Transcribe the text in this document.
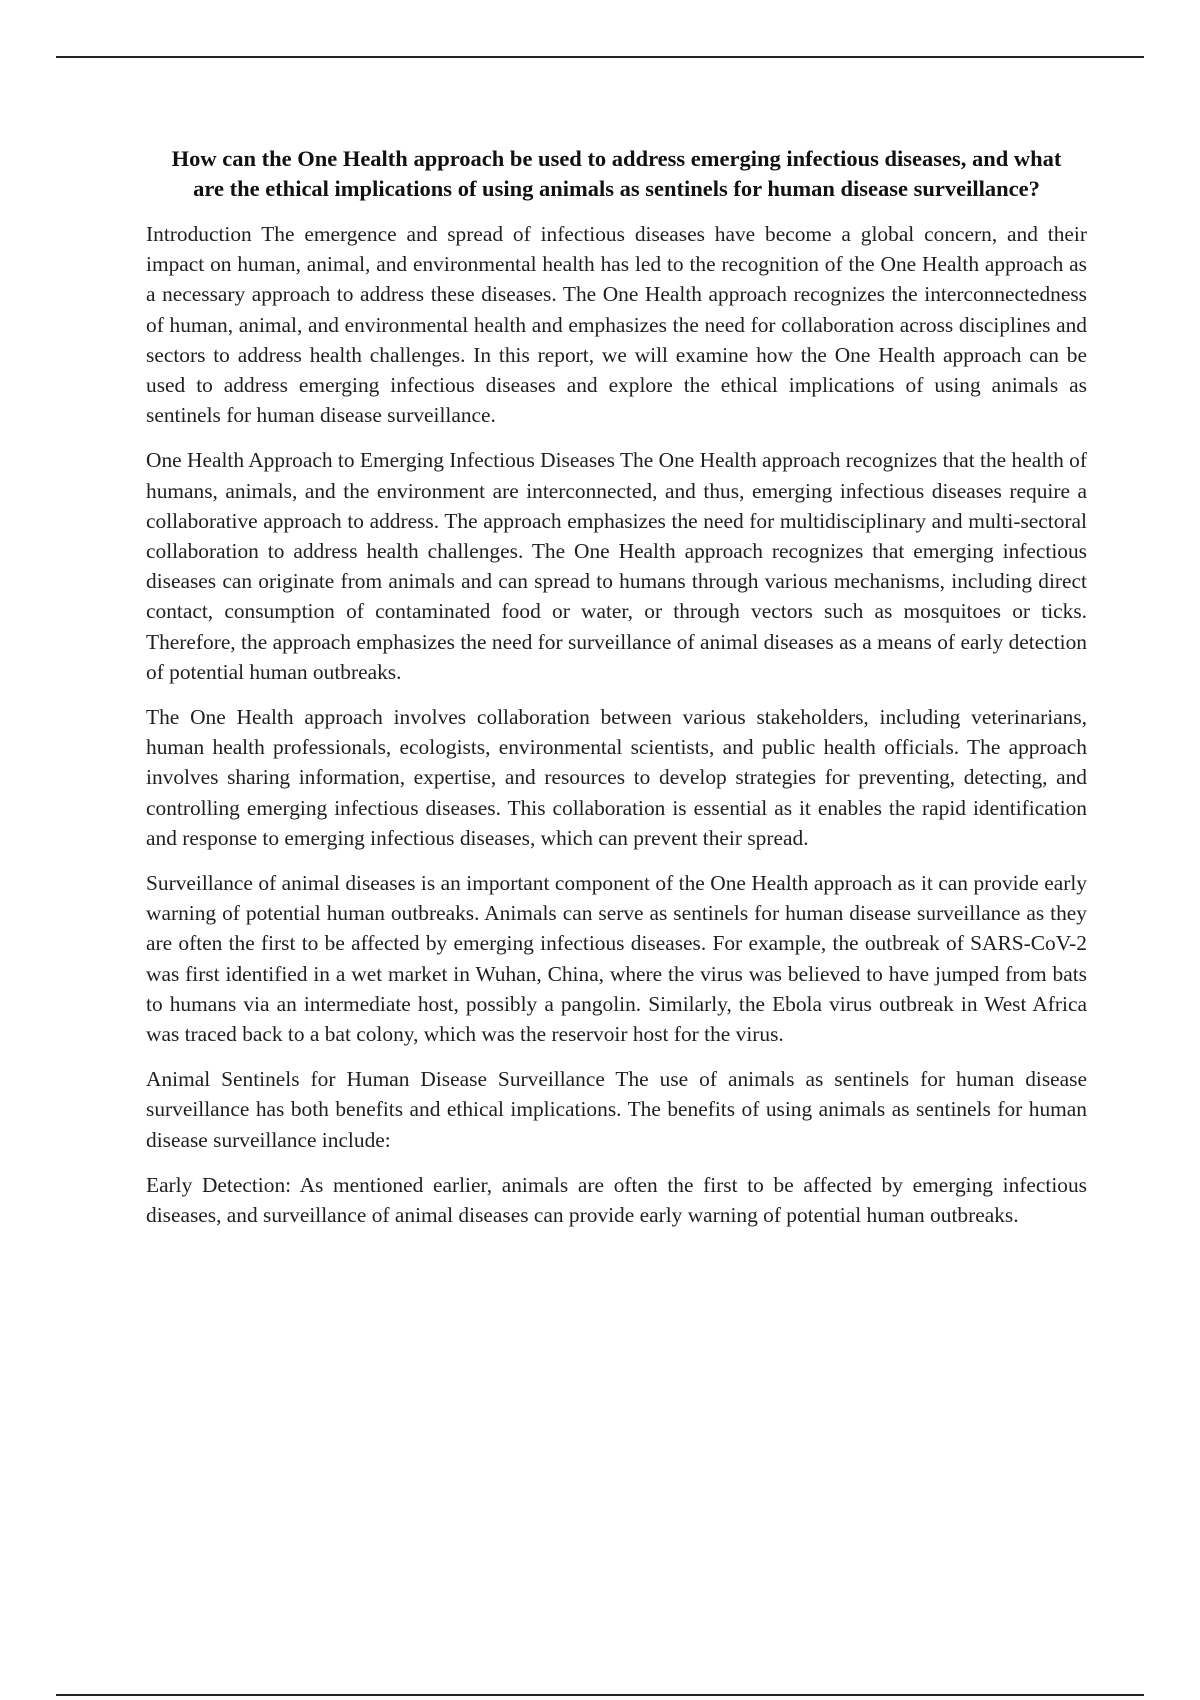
How can the One Health approach be used to address emerging infectious diseases, and what are the ethical implications of using animals as sentinels for human disease surveillance?

Introduction The emergence and spread of infectious diseases have become a global concern, and their impact on human, animal, and environmental health has led to the recognition of the One Health approach as a necessary approach to address these diseases. The One Health approach recognizes the interconnectedness of human, animal, and environmental health and emphasizes the need for collaboration across disciplines and sectors to address health challenges. In this report, we will examine how the One Health approach can be used to address emerging infectious diseases and explore the ethical implications of using animals as sentinels for human disease surveillance.

One Health Approach to Emerging Infectious Diseases The One Health approach recognizes that the health of humans, animals, and the environment are interconnected, and thus, emerging infectious diseases require a collaborative approach to address. The approach emphasizes the need for multidisciplinary and multi-sectoral collaboration to address health challenges. The One Health approach recognizes that emerging infectious diseases can originate from animals and can spread to humans through various mechanisms, including direct contact, consumption of contaminated food or water, or through vectors such as mosquitoes or ticks. Therefore, the approach emphasizes the need for surveillance of animal diseases as a means of early detection of potential human outbreaks.

The One Health approach involves collaboration between various stakeholders, including veterinarians, human health professionals, ecologists, environmental scientists, and public health officials. The approach involves sharing information, expertise, and resources to develop strategies for preventing, detecting, and controlling emerging infectious diseases. This collaboration is essential as it enables the rapid identification and response to emerging infectious diseases, which can prevent their spread.

Surveillance of animal diseases is an important component of the One Health approach as it can provide early warning of potential human outbreaks. Animals can serve as sentinels for human disease surveillance as they are often the first to be affected by emerging infectious diseases. For example, the outbreak of SARS-CoV-2 was first identified in a wet market in Wuhan, China, where the virus was believed to have jumped from bats to humans via an intermediate host, possibly a pangolin. Similarly, the Ebola virus outbreak in West Africa was traced back to a bat colony, which was the reservoir host for the virus.

Animal Sentinels for Human Disease Surveillance The use of animals as sentinels for human disease surveillance has both benefits and ethical implications. The benefits of using animals as sentinels for human disease surveillance include:

Early Detection: As mentioned earlier, animals are often the first to be affected by emerging infectious diseases, and surveillance of animal diseases can provide early warning of potential human outbreaks.
